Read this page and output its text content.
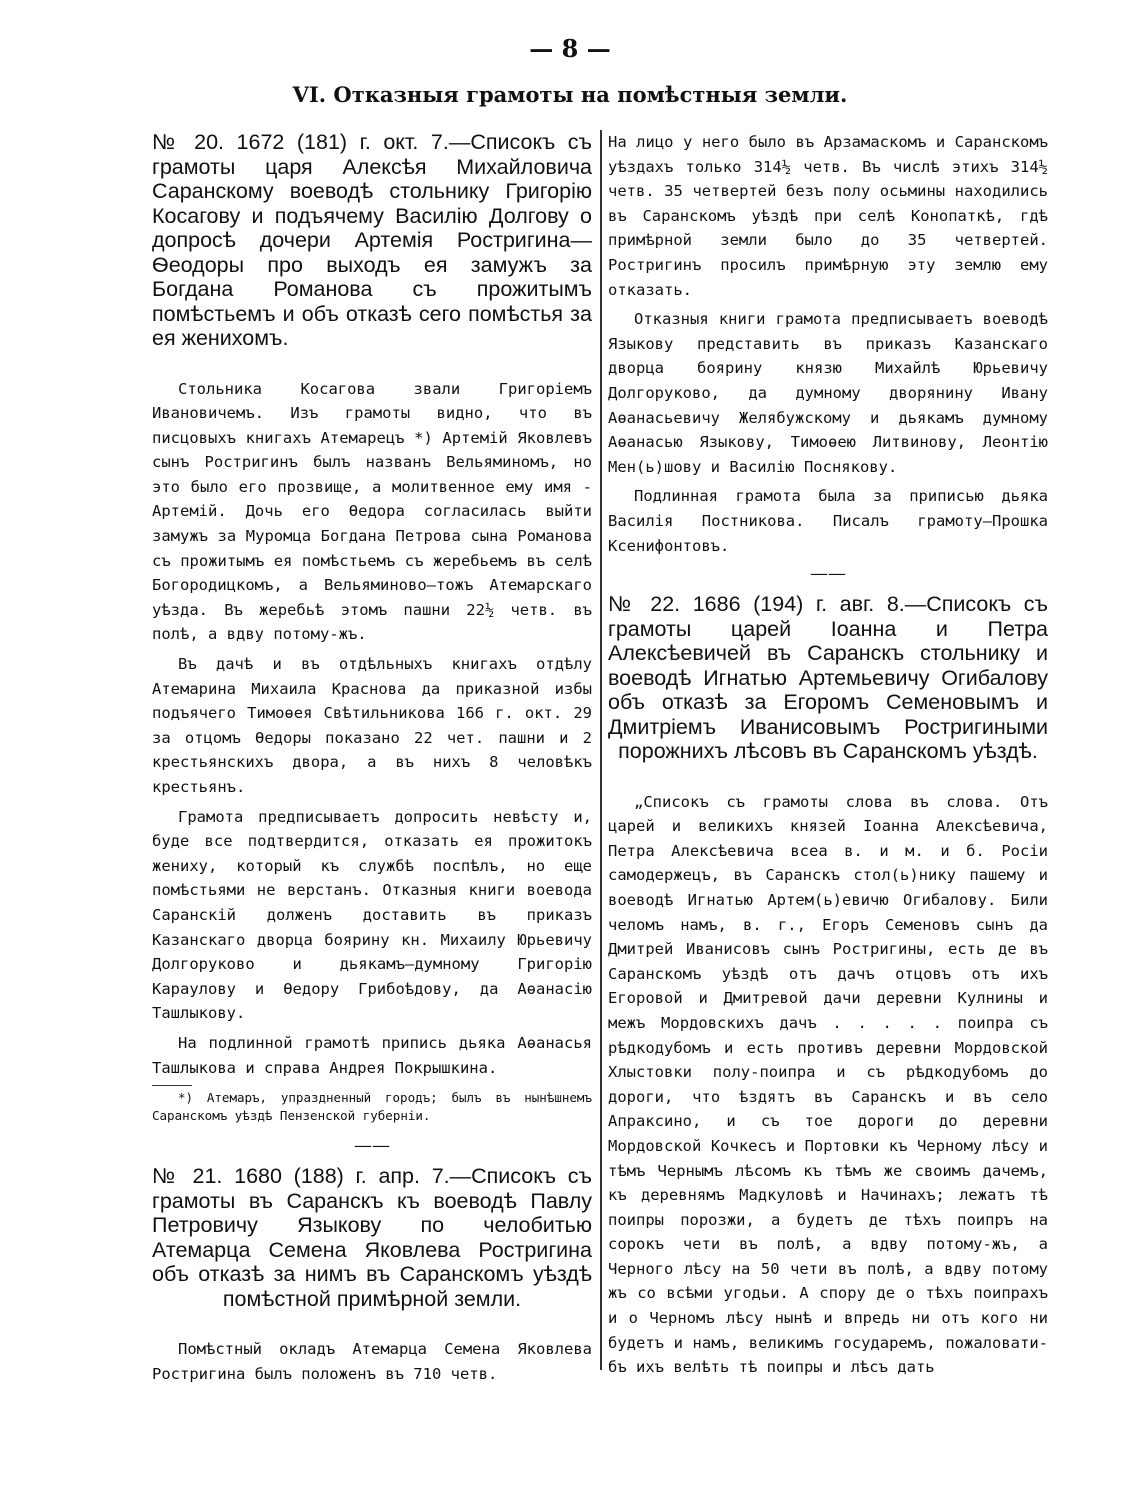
— 8 —
VI. Отказныя грамоты на помѣстныя земли.

№ 20. 1672 (181) г. окт. 7.—Списокъ съ грамоты царя Алексѣя Михайловича Саранскому воеводѣ стольнику Григорію Косагову и подъячему Василію Долгову о допросѣ дочери Артемія Ростригина—Ѳеодоры про выходъ ея замужъ за Богдана Романова съ прожитымъ помѣстьемъ и объ отказѣ сего помѣстья за ея женихомъ.

Стольника Косагова звали Григоріемъ Ивановичемъ. Изъ грамоты видно, что въ писцовыхъ книгахъ Атемарецъ *) Артемій Яковлевъ сынъ Ростригинъ былъ названъ Вельяминомъ, но это было его прозвище, а молитвенное ему имя - Артемій. Дочь его Ѳедора согласилась выйти замужъ за Муромца Богдана Петрова сына Романова съ прожитымъ ея помѣстьемъ съ жеребьемъ въ селѣ Богородицкомъ, а Вельяминово—тожъ Атемарскаго уѣзда. Въ жеребьѣ этомъ пашни 22½ четв. въ полѣ, а вдву потому-жъ.

Въ дачѣ и въ отдѣльныхъ книгахъ отдѣлу Атемарина Михаила Краснова да приказной избы подъячего Тимоѳея Свѣтильникова 166 г. окт. 29 за отцомъ Ѳедоры показано 22 чет. пашни и 2 крестьянскихъ двора, а въ нихъ 8 человѣкъ крестьянъ.

Грамота предписываетъ допросить невѣсту и, буде все подтвердится, отказать ея прожитокъ жениху, который къ службѣ поспѣлъ, но еще помѣстьями не верстанъ. Отказныя книги воевода Саранскій долженъ доставить въ приказъ Казанскаго дворца боярину кн. Михаилу Юрьевичу Долгоруково и дьякамъ—думному Григорію Караулову и Ѳедору Грибоѣдову, да Аѳанасію Ташлыкову.

На подлинной грамотѣ припись дьяка Аѳанасья Ташлыкова и справа Андрея Покрышкина.

*) Атемаръ, упраздненный городъ; былъ въ нынѣшнемъ Саранскомъ уѣздѣ Пензенской губерніи.

——

№ 21. 1680 (188) г. апр. 7.—Списокъ съ грамоты въ Саранскъ къ воеводѣ Павлу Петровичу Языкову по челобитью Атемарца Семена Яковлева Ростригина объ отказѣ за нимъ въ Саранскомъ уѣздѣ помѣстной примѣрной земли.

Помѣстный окладъ Атемарца Семена Яковлева Ростригина былъ положенъ въ 710 четв.

На лицо у него было въ Арзамаскомъ и Саранскомъ уѣздахъ только 314½ четв. Въ числѣ этихъ 314½ четв. 35 четвертей безъ полу осьмины находились въ Саранскомъ уѣздѣ при селѣ Конопаткѣ, гдѣ примѣрной земли было до 35 четвертей. Ростригинъ просилъ примѣрную эту землю ему отказать.

Отказныя книги грамота предписываетъ воеводѣ Языкову представить въ приказъ Казанскаго дворца боярину князю Михайлѣ Юрьевичу Долгоруково, да думному дворянину Ивану Аѳанасьевичу Желябужскому и дьякамъ думному Аѳанасью Языкову, Тимоѳею Литвинову, Леонтію Мен(ь)шову и Василію Поснякову.

Подлинная грамота была за приписью дьяка Василія Постникова. Писалъ грамоту—Прошка Ксенифонтовъ.

——

№ 22. 1686 (194) г. авг. 8.—Списокъ съ грамоты царей Іоанна и Петра Алексѣевичей въ Саранскъ стольнику и воеводѣ Игнатью Артемьевичу Огибалову объ отказѣ за Егоромъ Семеновымъ и Дмитріемъ Иванисовымъ Ростригиными порожнихъ лѣсовъ въ Саранскомъ уѣздѣ.

„Списокъ съ грамоты слова въ слова. Отъ царей и великихъ князей Іоанна Алексѣевича, Петра Алексѣевича всеа в. и м. и б. Росіи самодержецъ, въ Саранскъ стол(ь)нику пашему и воеводѣ Игнатью Артем(ь)евичю Огибалову. Били челомъ намъ, в. г., Егоръ Семеновъ сынъ да Дмитрей Иванисовъ сынъ Ростригины, есть де въ Саранскомъ уѣздѣ отъ дачъ отцовъ отъ ихъ Егоровой и Дмитревой дачи деревни Кулнины и межъ Мордовскихъ дачъ . . . . . поипра съ рѣдкодубомъ и есть противъ деревни Мордовской Хлыстовки полу-поипра и съ рѣдкодубомъ до дороги, что ѣздятъ въ Саранскъ и въ село Апраксино, и съ тое дороги до деревни Мордовской Кочкесъ и Портовки къ Черному лѣсу и тѣмъ Чернымъ лѣсомъ къ тѣмъ же своимъ дачемъ, къ деревнямъ Мадкуловѣ и Начинахъ; лежатъ тѣ поипры порозжи, а будетъ де тѣхъ поипръ на сорокъ чети въ полѣ, а вдву потому-жъ, а Черного лѣсу на 50 чети въ полѣ, а вдву потому жъ со всѣми угодьи. А спору де о тѣхъ поипрахъ и о Черномъ лѣсу нынѣ и впредь ни отъ кого ни будетъ и намъ, великимъ государемъ, пожаловати-бъ ихъ велѣть тѣ поипры и лѣсъ дать
